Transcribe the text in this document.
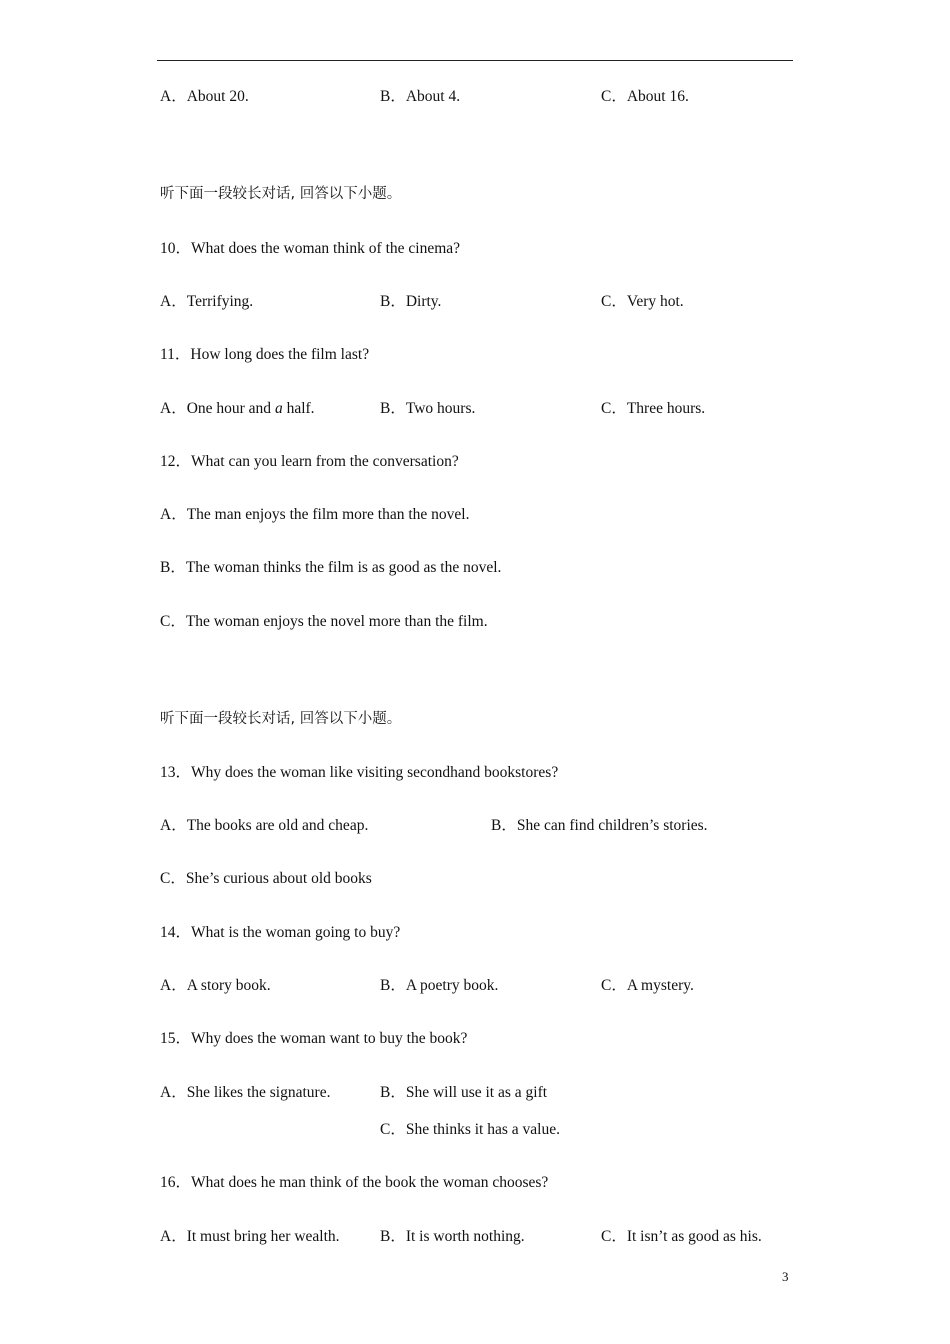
A．About 20.	B．About 4.	C．About 16.
听下面一段较长对话, 回答以下小题。
10．What does the woman think of the cinema?
A．Terrifying.	B．Dirty.	C．Very hot.
11．How long does the film last?
A．One hour and a half.	B．Two hours.	C．Three hours.
12．What can you learn from the conversation?
A．The man enjoys the film more than the novel.
B．The woman thinks the film is as good as the novel.
C．The woman enjoys the novel more than the film.
听下面一段较长对话, 回答以下小题。
13．Why does the woman like visiting secondhand bookstores?
A．The books are old and cheap.	B．She can find children’s stories.
C．She’s curious about old books
14．What is the woman going to buy?
A．A story book.	B．A poetry book.	C．A mystery.
15．Why does the woman want to buy the book?
A．She likes the signature.	B．She will use it as a gift
C．She thinks it has a value.
16．What does he man think of the book the woman chooses?
A．It must bring her wealth.	B．It is worth nothing.	C．It isn’t as good as his.
3
